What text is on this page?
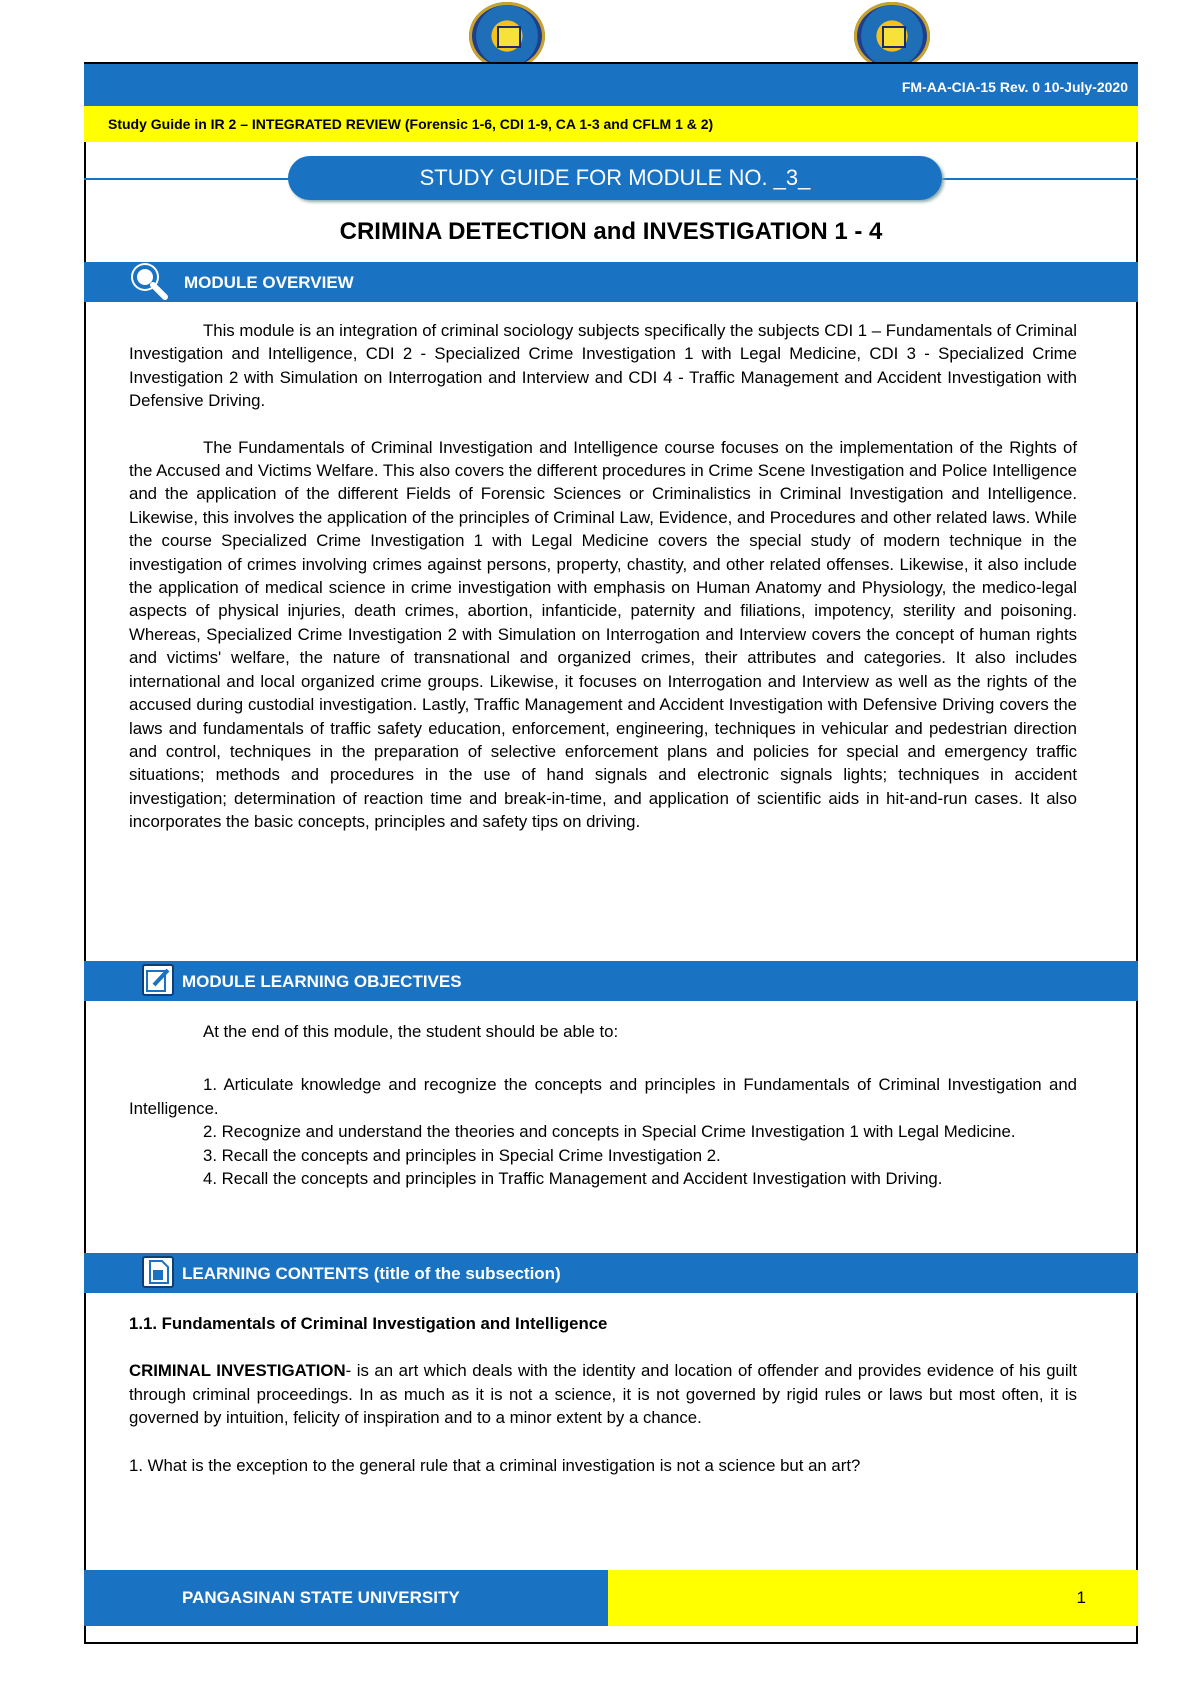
FM-AA-CIA-15 Rev. 0 10-July-2020
Study Guide in IR 2 – INTEGRATED REVIEW (Forensic 1-6, CDI 1-9, CA 1-3 and CFLM 1 & 2)
STUDY GUIDE FOR MODULE NO. _3_
CRIMINA DETECTION and INVESTIGATION 1 - 4
MODULE OVERVIEW

This module is an integration of criminal sociology subjects specifically the subjects CDI 1 – Fundamentals of Criminal Investigation and Intelligence, CDI 2 - Specialized Crime Investigation 1 with Legal Medicine, CDI 3 - Specialized Crime Investigation 2 with Simulation on Interrogation and Interview and CDI 4 - Traffic Management and Accident Investigation with Defensive Driving.

The Fundamentals of Criminal Investigation and Intelligence course focuses on the implementation of the Rights of the Accused and Victims Welfare. This also covers the different procedures in Crime Scene Investigation and Police Intelligence and the application of the different Fields of Forensic Sciences or Criminalistics in Criminal Investigation and Intelligence. Likewise, this involves the application of the principles of Criminal Law, Evidence, and Procedures and other related laws. While the course Specialized Crime Investigation 1 with Legal Medicine covers the special study of modern technique in the investigation of crimes involving crimes against persons, property, chastity, and other related offenses. Likewise, it also include the application of medical science in crime investigation with emphasis on Human Anatomy and Physiology, the medico-legal aspects of physical injuries, death crimes, abortion, infanticide, paternity and filiations, impotency, sterility and poisoning. Whereas, Specialized Crime Investigation 2 with Simulation on Interrogation and Interview covers the concept of human rights and victims' welfare, the nature of transnational and organized crimes, their attributes and categories. It also includes international and local organized crime groups. Likewise, it focuses on Interrogation and Interview as well as the rights of the accused during custodial investigation. Lastly, Traffic Management and Accident Investigation with Defensive Driving covers the laws and fundamentals of traffic safety education, enforcement, engineering, techniques in vehicular and pedestrian direction and control, techniques in the preparation of selective enforcement plans and policies for special and emergency traffic situations; methods and procedures in the use of hand signals and electronic signals lights; techniques in accident investigation; determination of reaction time and break-in-time, and application of scientific aids in hit-and-run cases. It also incorporates the basic concepts, principles and safety tips on driving.

MODULE LEARNING OBJECTIVES

At the end of this module, the student should be able to:

1. Articulate knowledge and recognize the concepts and principles in Fundamentals of Criminal Investigation and Intelligence.

2. Recognize and understand the theories and concepts in Special Crime Investigation 1 with Legal Medicine.

3. Recall the concepts and principles in Special Crime Investigation 2.

4. Recall the concepts and principles in Traffic Management and Accident Investigation with Driving.

LEARNING CONTENTS (title of the subsection)

1.1. Fundamentals of Criminal Investigation and Intelligence

CRIMINAL INVESTIGATION- is an art which deals with the identity and location of offender and provides evidence of his guilt through criminal proceedings. In as much as it is not a science, it is not governed by rigid rules or laws but most often, it is governed by intuition, felicity of inspiration and to a minor extent by a chance.

1. What is the exception to the general rule that a criminal investigation is not a science but an art?

PANGASINAN STATE UNIVERSITY	1
